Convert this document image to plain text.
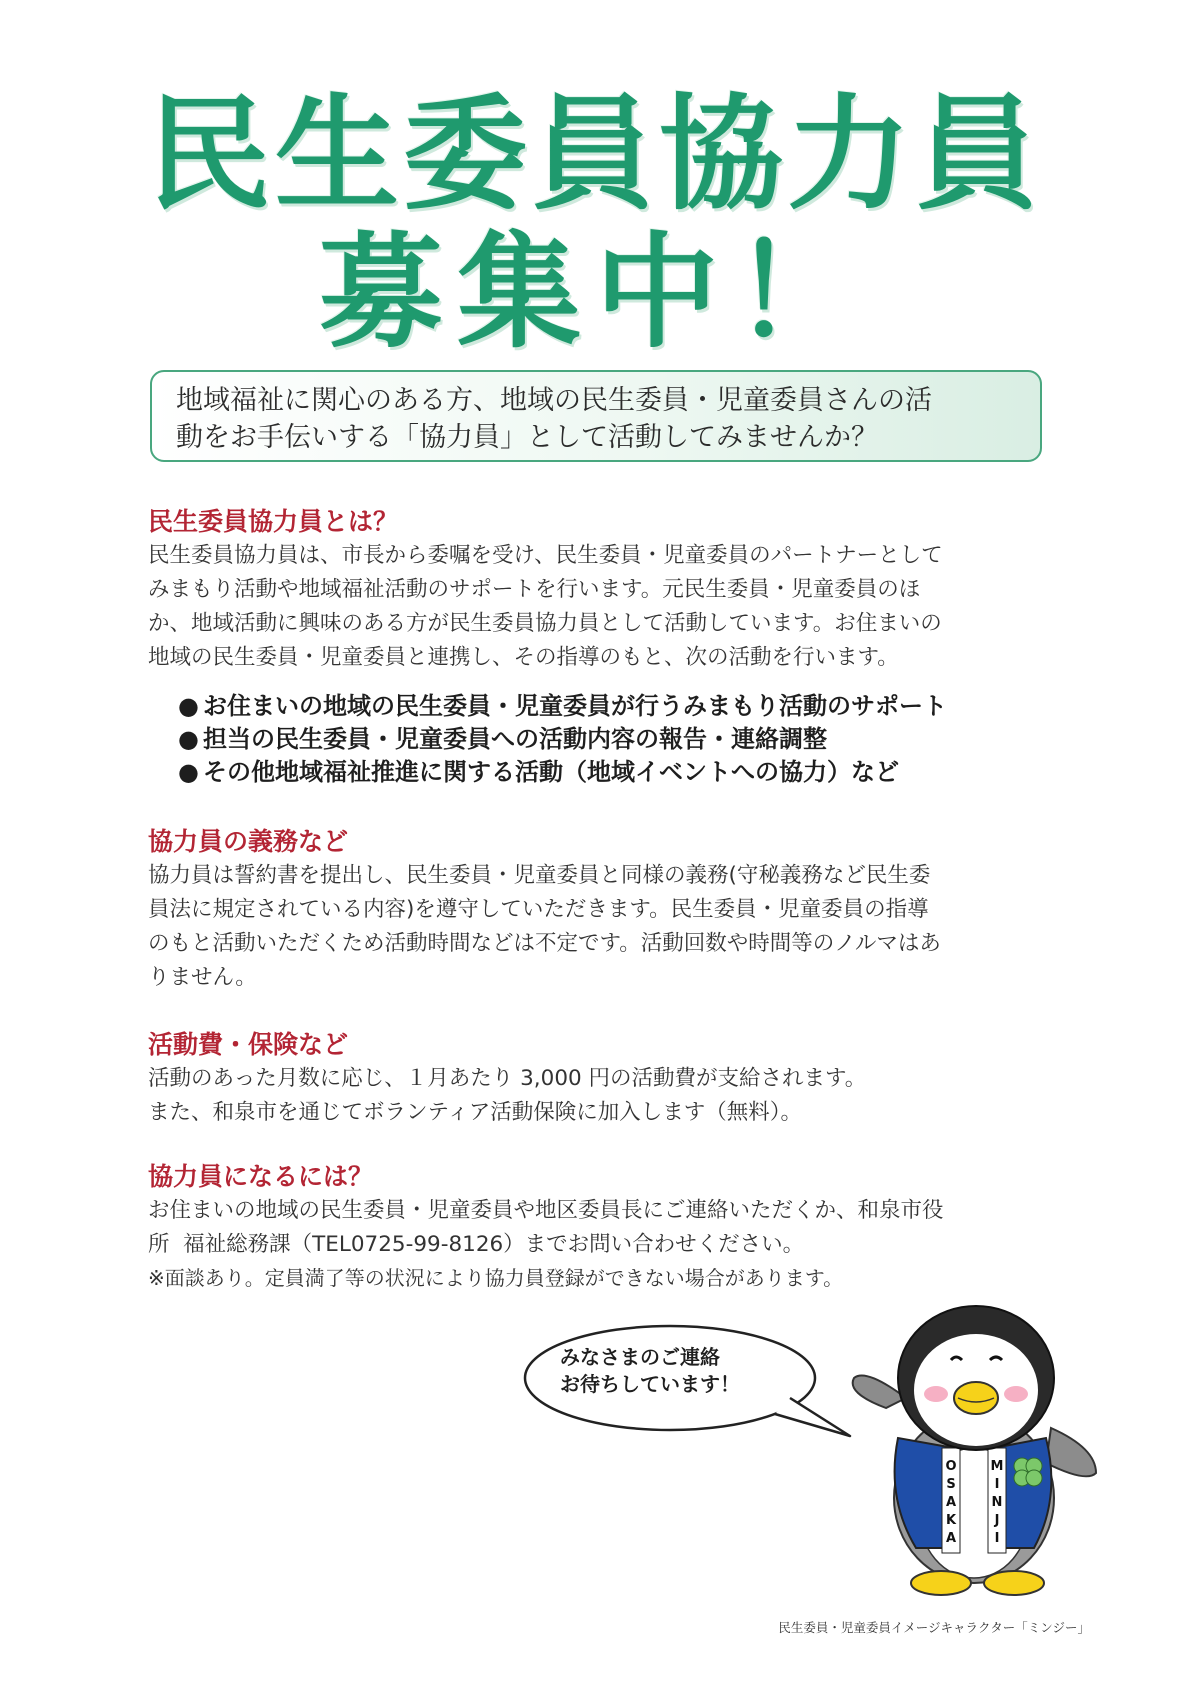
民生委員協力員
募集中！

地域福祉に関心のある方、地域の民生委員・児童委員さんの活

動をお手伝いする「協力員」として活動してみませんか？

民生委員協力員とは？

民生委員協力員は、市長から委嘱を受け、民生委員・児童委員のパートナーとして

みまもり活動や地域福祉活動のサポートを行います。元民生委員・児童委員のほ

か、地域活動に興味のある方が民生委員協力員として活動しています。お住まいの

地域の民生委員・児童委員と連携し、その指導のもと、次の活動を行います。

● お住まいの地域の民生委員・児童委員が行うみまもり活動のサポート
● 担当の民生委員・児童委員への活動内容の報告・連絡調整
● その他地域福祉推進に関する活動（地域イベントへの協力）など

協力員の義務など

協力員は誓約書を提出し、民生委員・児童委員と同様の義務(守秘義務など民生委

員法に規定されている内容)を遵守していただきます。民生委員・児童委員の指導

のもと活動いただくため活動時間などは不定です。活動回数や時間等のノルマはあ

りません。

活動費・保険など

活動のあった月数に応じ、１月あたり 3,000 円の活動費が支給されます。

また、和泉市を通じてボランティア活動保険に加入します（無料）。

協力員になるには？

お住まいの地域の民生委員・児童委員や地区委員長にご連絡いただくか、和泉市役

所  福祉総務課（TEL0725-99-8126）までお問い合わせください。

※面談あり。定員満了等の状況により協力員登録ができない場合があります。

みなさまのご連絡
お待ちしています！
O
S
A
K
A
M
I
N
J
I
民生委員・児童委員イメージキャラクター「ミンジー」
